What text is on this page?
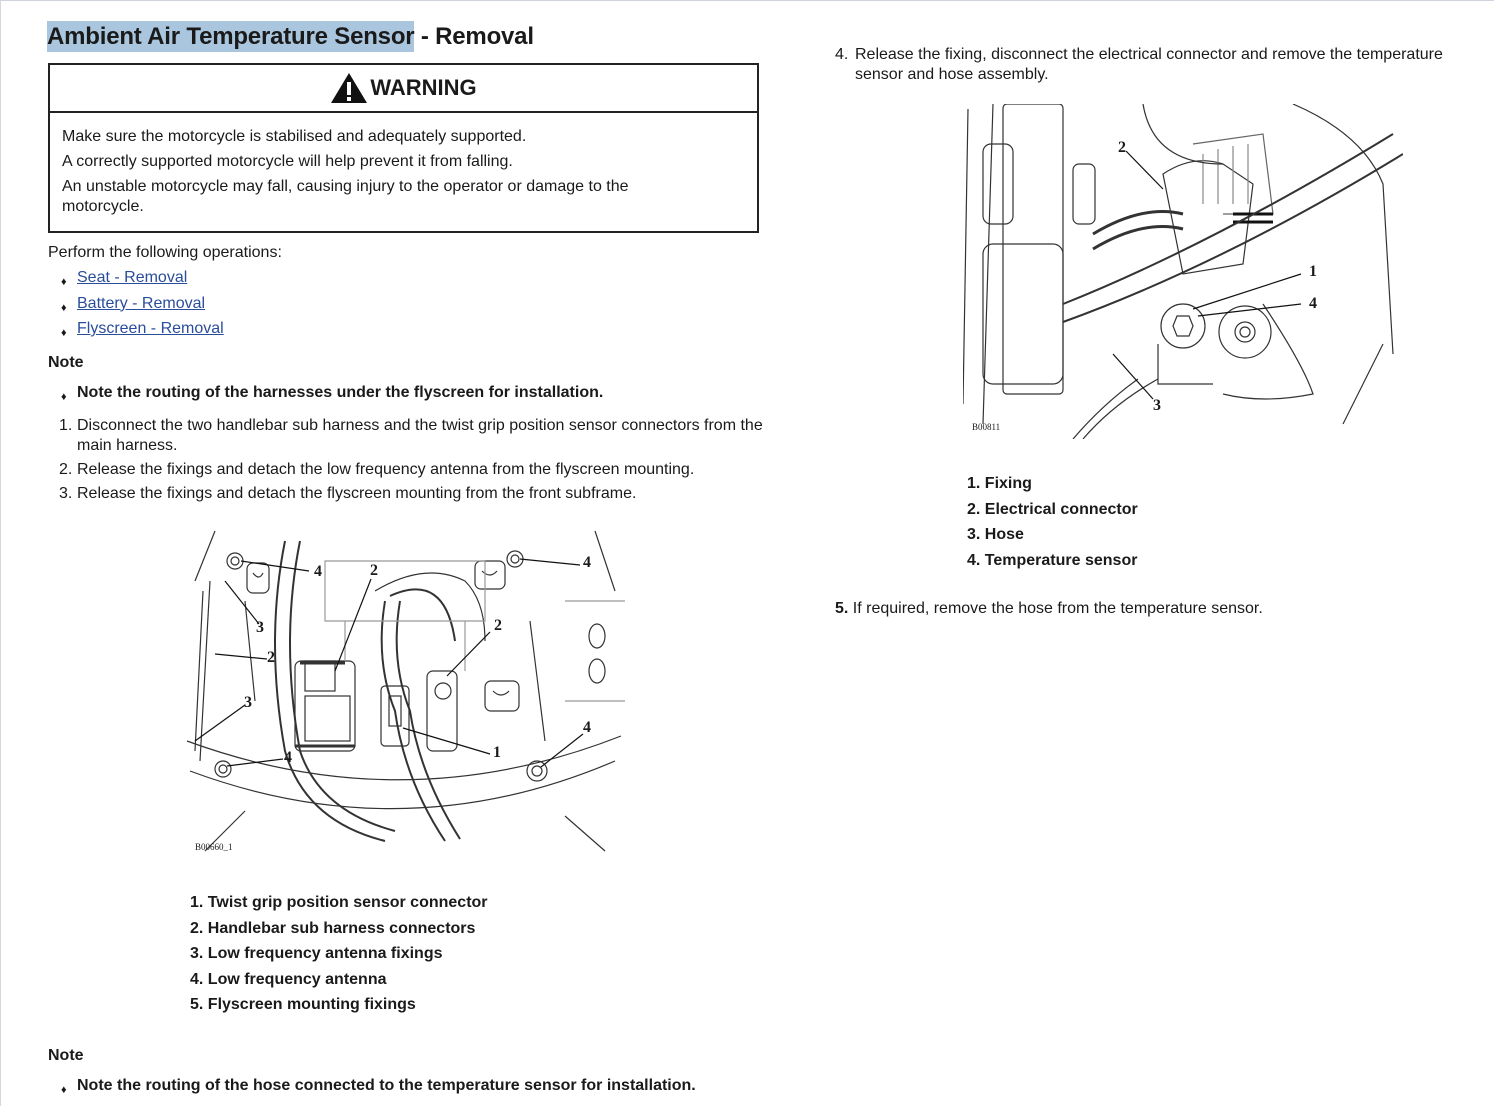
Ambient Air Temperature Sensor - Removal
WARNING

Make sure the motorcycle is stabilised and adequately supported.

A correctly supported motorcycle will help prevent it from falling.

An unstable motorcycle may fall, causing injury to the operator or damage to the motorcycle.

Perform the following operations:
♦ Seat - Removal
♦ Battery - Removal
♦ Flyscreen - Removal
Note
♦ Note the routing of the harnesses under the flyscreen for installation.
1. Disconnect the two handlebar sub harness and the twist grip position sensor connectors from the main harness.
2. Release the fixings and detach the low frequency antenna from the flyscreen mounting.
3. Release the fixings and detach the flyscreen mounting from the front subframe.
4	2	4
3	2
2
3
4	1
4
B00660_1
1. Twist grip position sensor connector
2. Handlebar sub harness connectors
3. Low frequency antenna fixings
4. Low frequency antenna
5. Flyscreen mounting fixings
Note
♦ Note the routing of the hose connected to the temperature sensor for installation.
4. Release the fixing, disconnect the electrical connector and remove the temperature sensor and hose assembly.
2
1
4
3
B00811
1. Fixing
2. Electrical connector
3. Hose
4. Temperature sensor
5. If required, remove the hose from the temperature sensor.
